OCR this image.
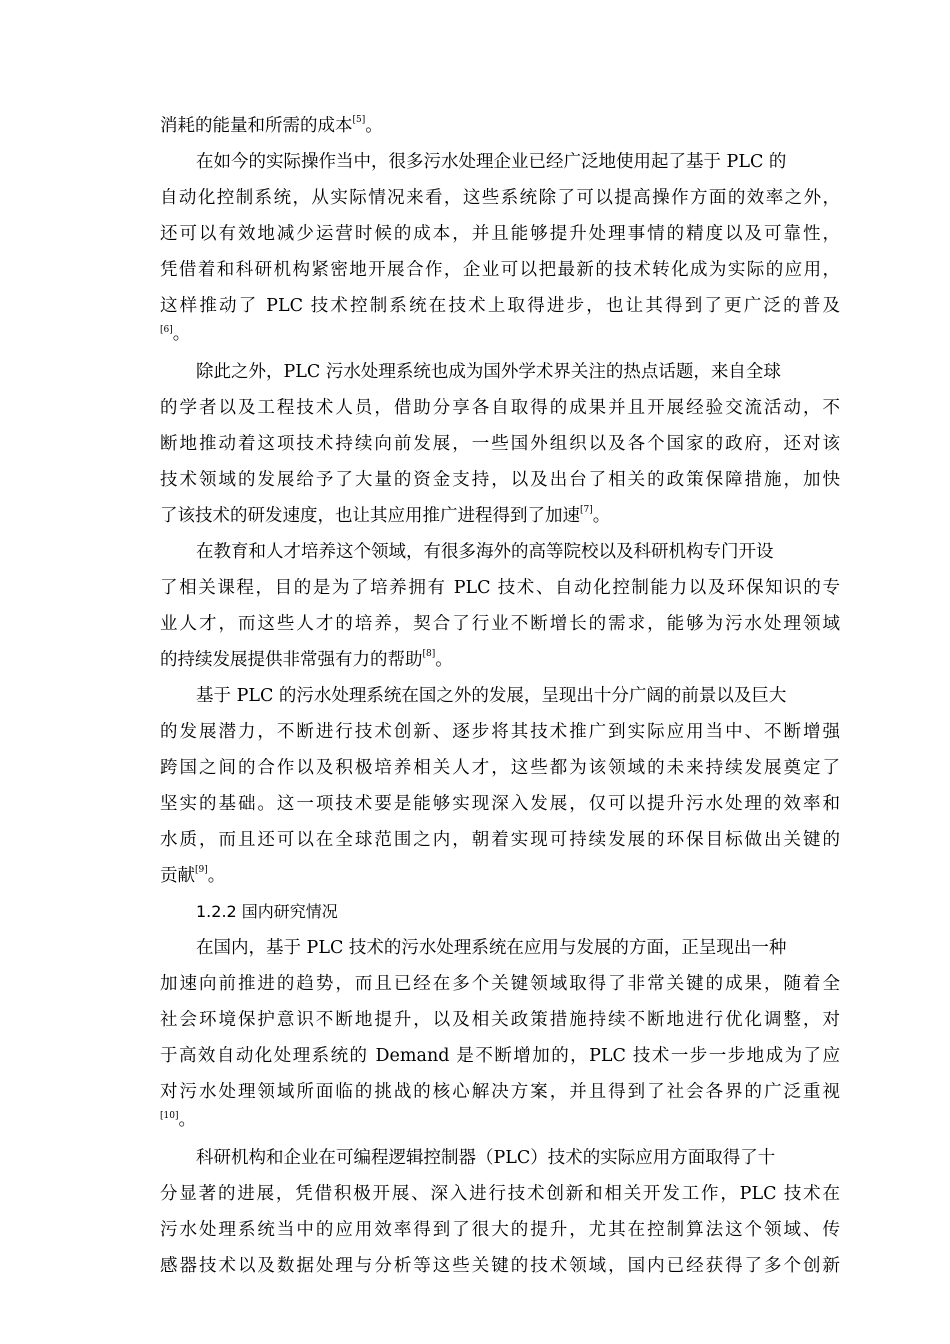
消耗的能量和所需的成本[5]。
在如今的实际操作当中，很多污水处理企业已经广泛地使用起了基于 PLC 的
自动化控制系统，从实际情况来看，这些系统除了可以提高操作方面的效率之外，
还可以有效地减少运营时候的成本，并且能够提升处理事情的精度以及可靠性，
凭借着和科研机构紧密地开展合作，企业可以把最新的技术转化成为实际的应用，
这样推动了 PLC 技术控制系统在技术上取得进步，也让其得到了更广泛的普及
[6]。
除此之外，PLC 污水处理系统也成为国外学术界关注的热点话题，来自全球
的学者以及工程技术人员，借助分享各自取得的成果并且开展经验交流活动，不
断地推动着这项技术持续向前发展，一些国外组织以及各个国家的政府，还对该
技术领域的发展给予了大量的资金支持，以及出台了相关的政策保障措施，加快
了该技术的研发速度，也让其应用推广进程得到了加速[7]。
在教育和人才培养这个领域，有很多海外的高等院校以及科研机构专门开设
了相关课程，目的是为了培养拥有 PLC 技术、自动化控制能力以及环保知识的专
业人才，而这些人才的培养，契合了行业不断增长的需求，能够为污水处理领域
的持续发展提供非常强有力的帮助[8]。
基于 PLC 的污水处理系统在国之外的发展，呈现出十分广阔的前景以及巨大
的发展潜力，不断进行技术创新、逐步将其技术推广到实际应用当中、不断增强
跨国之间的合作以及积极培养相关人才，这些都为该领域的未来持续发展奠定了
坚实的基础。这一项技术要是能够实现深入发展，仅可以提升污水处理的效率和
水质，而且还可以在全球范围之内，朝着实现可持续发展的环保目标做出关键的
贡献[9]。
1.2.2 国内研究情况
在国内，基于 PLC 技术的污水处理系统在应用与发展的方面，正呈现出一种
加速向前推进的趋势，而且已经在多个关键领域取得了非常关键的成果，随着全
社会环境保护意识不断地提升，以及相关政策措施持续不断地进行优化调整，对
于高效自动化处理系统的 Demand 是不断增加的，PLC 技术一步一步地成为了应
对污水处理领域所面临的挑战的核心解决方案，并且得到了社会各界的广泛重视
[10]。
科研机构和企业在可编程逻辑控制器（PLC）技术的实际应用方面取得了十
分显著的进展，凭借积极开展、深入进行技术创新和相关开发工作，PLC 技术在
污水处理系统当中的应用效率得到了很大的提升，尤其在控制算法这个领域、传
感器技术以及数据处理与分析等这些关键的技术领域，国内已经获得了多个创新
